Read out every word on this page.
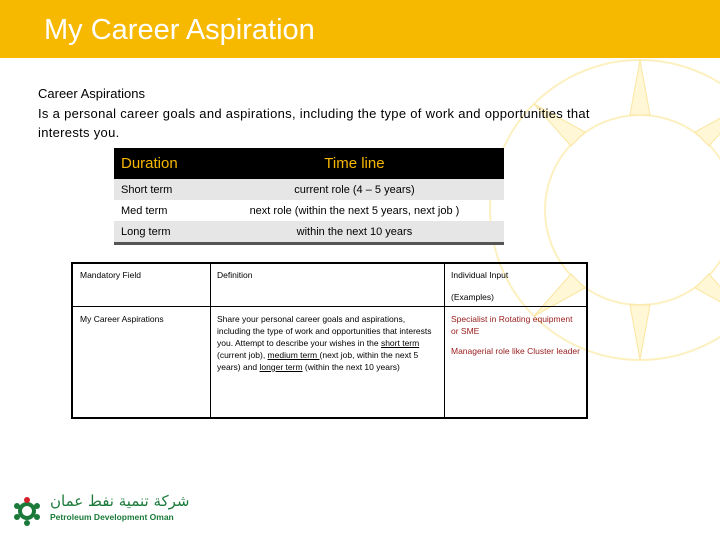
My Career Aspiration
Career Aspirations
Is a personal career goals and aspirations, including the type of work and opportunities that interests you.
Duration	Time line
Short term	current role (4 – 5 years)
Med term	next role (within the next 5 years, next job )
Long term	within the next 10 years
Mandatory Field	Definition	Individual Input
(Examples)
My Career Aspirations	Share your personal career goals and aspirations, including the type of work and opportunities that interests you. Attempt to describe your wishes in the short term (current job), medium term (next job, within the next 5 years) and longer term (within the next 10 years)
Specialist in Rotating equipment or SME
Managerial role like Cluster leader
شركة تنمية نفط عمان
Petroleum Development Oman
